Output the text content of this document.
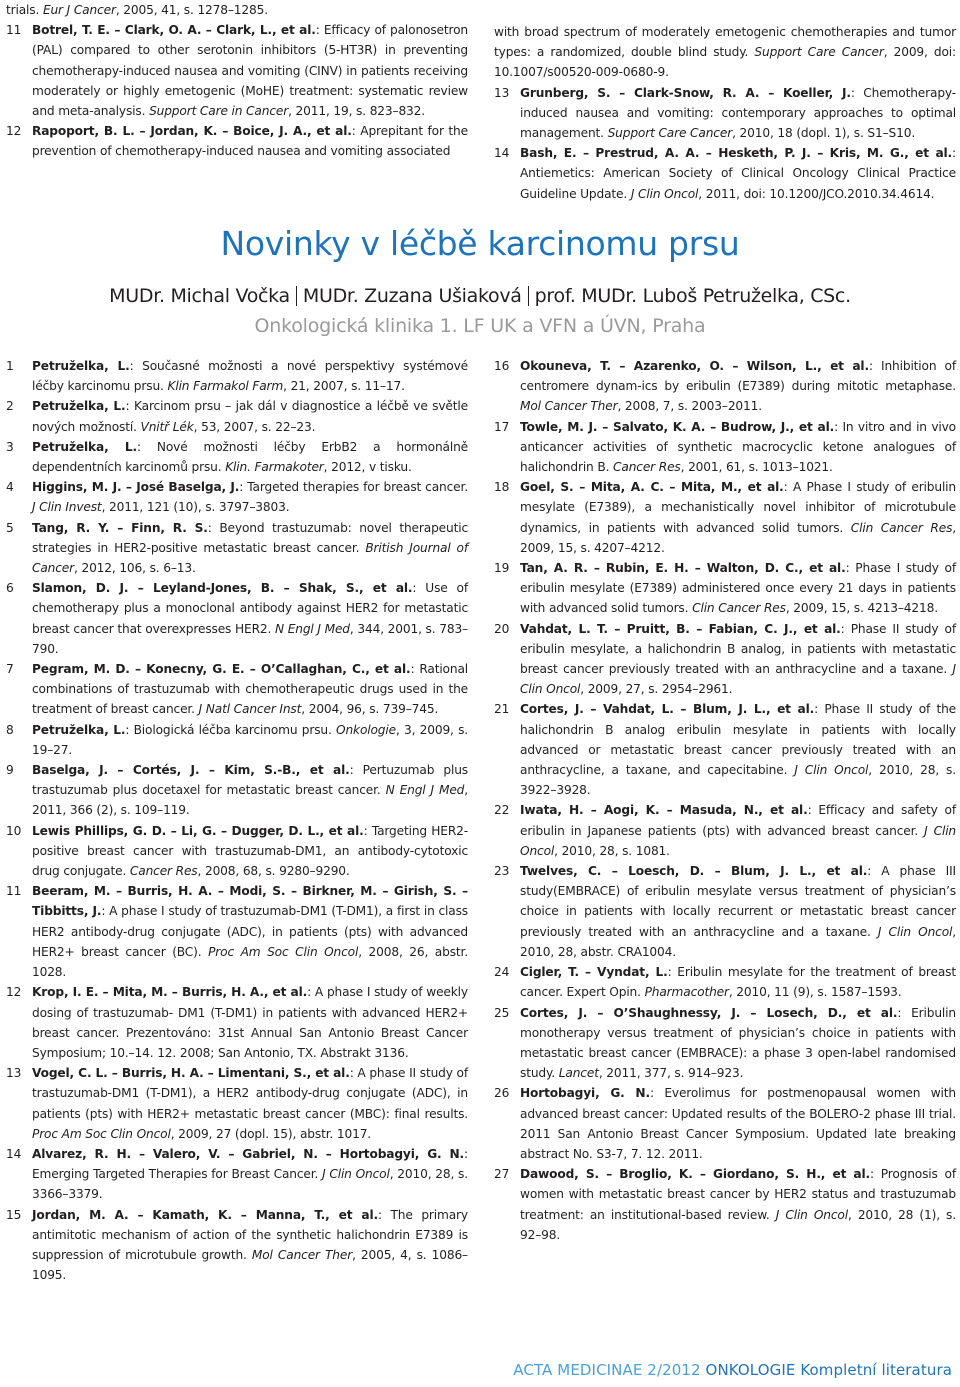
trials. Eur J Cancer, 2005, 41, s. 1278–1285.
11 Botrel, T. E. – Clark, O. A. – Clark, L., et al.: Efficacy of palonosetron (PAL) compared to other serotonin inhibitors (5-HT3R) in preventing chemotherapy-induced nausea and vomiting (CINV) in patients receiving moderately or highly emetogenic (MoHE) treatment: systematic review and meta-analysis. Support Care in Cancer, 2011, 19, s. 823–832.
12 Rapoport, B. L. – Jordan, K. – Boice, J. A., et al.: Aprepitant for the prevention of chemotherapy-induced nausea and vomiting associated
with broad spectrum of moderately emetogenic chemotherapies and tumor types: a randomized, double blind study. Support Care Cancer, 2009, doi: 10.1007/s00520-009-0680-9.
13 Grunberg, S. – Clark-Snow, R. A. – Koeller, J.: Chemotherapy-induced nausea and vomiting: contemporary approaches to optimal management. Support Care Cancer, 2010, 18 (dopl. 1), s. S1–S10.
14 Bash, E. – Prestrud, A. A. – Hesketh, P. J. – Kris, M. G., et al.: Antiemetics: American Society of Clinical Oncology Clinical Practice Guideline Update. J Clin Oncol, 2011, doi: 10.1200/JCO.2010.34.4614.
Novinky v léčbě karcinomu prsu
MUDr. Michal Vočka MUDr. Zuzana Ušiaková prof. MUDr. Luboš Petruželka, CSc.
Onkologická klinika 1. LF UK a VFN a ÚVN, Praha
1	Petruželka, L.: Současné možnosti a nové perspektivy systémové léčby karcinomu prsu. Klin Farmakol Farm, 21, 2007, s. 11–17.
2	Petruželka, L.: Karcinom prsu – jak dál v diagnostice a léčbě ve světle nových možností. Vnitř Lék, 53, 2007, s. 22–23.
3	Petruželka, L.: Nové možnosti léčby ErbB2 a hormonálně dependentních karcinomů prsu. Klin. Farmakoter, 2012, v tisku.
4	Higgins, M. J. – José Baselga, J.: Targeted therapies for breast cancer. J Clin Invest, 2011, 121 (10), s. 3797–3803.
5	Tang, R. Y. – Finn, R. S.: Beyond trastuzumab: novel therapeutic strategies in HER2-positive metastatic breast cancer. British Journal of Cancer, 2012, 106, s. 6–13.
6	Slamon, D. J. – Leyland-Jones, B. – Shak, S., et al.: Use of chemotherapy plus a monoclonal antibody against HER2 for metastatic breast cancer that overexpresses HER2. N Engl J Med, 344, 2001, s. 783–790.
7	Pegram, M. D. – Konecny, G. E. – O’Callaghan, C., et al.: Rational combinations of trastuzumab with chemotherapeutic drugs used in the treatment of breast cancer. J Natl Cancer Inst, 2004, 96, s. 739–745.
8	Petruželka, L.: Biologická léčba karcinomu prsu. Onkologie, 3, 2009, s. 19–27.
9	Baselga, J. – Cortés, J. – Kim, S.-B., et al.: Pertuzumab plus trastuzumab plus docetaxel for metastatic breast cancer. N Engl J Med, 2011, 366 (2), s. 109–119.
10 Lewis Phillips, G. D. – Li, G. – Dugger, D. L., et al.: Targeting HER2-positive breast cancer with trastuzumab-DM1, an antibody-cytotoxic drug conjugate. Cancer Res, 2008, 68, s. 9280–9290.
11 Beeram, M. – Burris, H. A. – Modi, S. – Birkner, M. – Girish, S. – Tibbitts, J.: A phase I study of trastuzumab-DM1 (T-DM1), a first in class HER2 antibody-drug conjugate (ADC), in patients (pts) with advanced HER2+ breast cancer (BC). Proc Am Soc Clin Oncol, 2008, 26, abstr. 1028.
12 Krop, I. E. – Mita, M. – Burris, H. A., et al.: A phase I study of weekly dosing of trastuzumab- DM1 (T-DM1) in patients with advanced HER2+ breast cancer. Prezentováno: 31st Annual San Antonio Breast Cancer Symposium; 10.–14. 12. 2008; San Antonio, TX. Abstrakt 3136.
13 Vogel, C. L. – Burris, H. A. – Limentani, S., et al.: A phase II study of trastuzumab-DM1 (T-DM1), a HER2 antibody-drug conjugate (ADC), in patients (pts) with HER2+ metastatic breast cancer (MBC): final results. Proc Am Soc Clin Oncol, 2009, 27 (dopl. 15), abstr. 1017.
14 Alvarez, R. H. – Valero, V. – Gabriel, N. – Hortobagyi, G. N.: Emerging Targeted Therapies for Breast Cancer. J Clin Oncol, 2010, 28, s. 3366–3379.
15 Jordan, M. A. – Kamath, K. – Manna, T., et al.: The primary antimitotic mechanism of action of the synthetic halichondrin E7389 is suppression of microtubule growth. Mol Cancer Ther, 2005, 4, s. 1086–1095.
16 Okouneva, T. – Azarenko, O. – Wilson, L., et al.: Inhibition of centromere dynam-ics by eribulin (E7389) during mitotic metaphase. Mol Cancer Ther, 2008, 7, s. 2003–2011.
17 Towle, M. J. – Salvato, K. A. – Budrow, J., et al.: In vitro and in vivo anticancer activities of synthetic macrocyclic ketone analogues of halichondrin B. Cancer Res, 2001, 61, s. 1013–1021.
18 Goel, S. – Mita, A. C. – Mita, M., et al.: A Phase I study of eribulin mesylate (E7389), a mechanistically novel inhibitor of microtubule dynamics, in patients with advanced solid tumors. Clin Cancer Res, 2009, 15, s. 4207–4212.
19 Tan, A. R. – Rubin, E. H. – Walton, D. C., et al.: Phase I study of eribulin mesylate (E7389) administered once every 21 days in patients with advanced solid tumors. Clin Cancer Res, 2009, 15, s. 4213–4218.
20 Vahdat, L. T. – Pruitt, B. – Fabian, C. J., et al.: Phase II study of eribulin mesylate, a halichondrin B analog, in patients with metastatic breast cancer previously treated with an anthracycline and a taxane. J Clin Oncol, 2009, 27, s. 2954–2961.
21 Cortes, J. – Vahdat, L. – Blum, J. L., et al.: Phase II study of the halichondrin B analog eribulin mesylate in patients with locally advanced or metastatic breast cancer previously treated with an anthracycline, a taxane, and capecitabine. J Clin Oncol, 2010, 28, s. 3922–3928.
22 Iwata, H. – Aogi, K. – Masuda, N., et al.: Efficacy and safety of eribulin in Japanese patients (pts) with advanced breast cancer. J Clin Oncol, 2010, 28, s. 1081.
23 Twelves, C. – Loesch, D. – Blum, J. L., et al.: A phase III study(EMBRACE) of eribulin mesylate versus treatment of physician’s choice in patients with locally recurrent or metastatic breast cancer previously treated with an anthracycline and a taxane. J Clin Oncol, 2010, 28, abstr. CRA1004.
24 Cigler, T. – Vyndat, L.: Eribulin mesylate for the treatment of breast cancer. Expert Opin. Pharmacother, 2010, 11 (9), s. 1587–1593.
25 Cortes, J. – O’Shaughnessy, J. – Losech, D., et al.: Eribulin monotherapy versus treatment of physician’s choice in patients with metastatic breast cancer (EMBRACE): a phase 3 open-label randomised study. Lancet, 2011, 377, s. 914–923.
26 Hortobagyi, G. N.: Everolimus for postmenopausal women with advanced breast cancer: Updated results of the BOLERO-2 phase III trial. 2011 San Antonio Breast Cancer Symposium. Updated late breaking abstract No. S3-7, 7. 12. 2011.
27 Dawood, S. – Broglio, K. – Giordano, S. H., et al.: Prognosis of women with metastatic breast cancer by HER2 status and trastuzumab treatment: an institutional-based review. J Clin Oncol, 2010, 28 (1), s. 92–98.
ACTA MEDICINAE 2/2012 ONKOLOGIE Kompletní literatura
